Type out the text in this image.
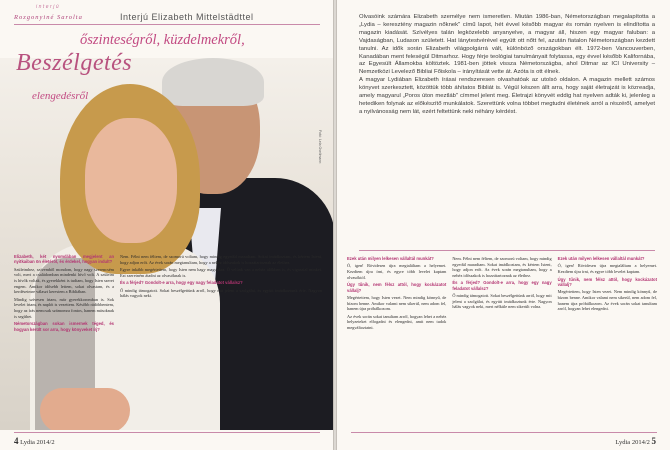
interjú
Rozgonyiné Sarolta	Interjú Elizabeth Mittelstädttel
őszinteségről, küzdelmekről,
Beszélgetés
elengedésről
Fotó: Lela Gsellmann
4 Lydia 2014/2

Olvasóink számára Elizabeth személye nem ismeretlen. Miután 1986-ban, Németországban megalapította a „Lydia – keresztény magazin nőknek" című lapot, hét évvel később magyar és román nyelven is elindította a magazin kiadását. Szívélyes talán legközelebb anyanyelve, a magyar áll, hiszen egy magyar faluban: a Vajdaságban, Ludason született. Hat lánytestvérével együtt ott nőtt fel, azután fiatalon Németországban kezdett tanulni. Az idők során Elizabeth világpolgárrá vált, különböző országokban élt. 1972-ben Vancouverben, Kanadában ment feleségül Ditmarhoz. Hogy férje teológiai tanulmányait folytassa, egy évvel később Kalifornába, az Egyesült Államokba költöztek. 1981-ben jöttek vissza Németországba, ahol Ditmar az ICI University – Nemzetközi Levelező Bibliai Főiskola – irányítását vette át. Azóta is ott élnek.

A magyar Lydiában Elizabeth írásai rendszeresen olvashatóak az utolsó oldalon. A magazin mellett számos könyvet szerkesztett, közöttük több áhítatos Bibliát is. Végül készen állt arra, hogy saját életrajzát is közreadja, amely magyarul „Poros úton meztláb" címmel jelent meg. Életrajzi könyvét eddig hat nyelven adták ki, jelenleg a hetediken folynak az előkészítő munkálatok. Szerettünk volna többet megtudni életének arról a részéről, amelyet a nyilvánosság nem lát, ezért feltettünk neki néhány kérdést.

Elizabeth, két nyomdában megjelent an nyitkaiban ön életéről, és érdekel, hogyan indult?

Szüleimhez, szívemből mondom, hogy nagy szerencsém volt, mert a családomban mindenki hívő volt. A szüleim is hívők voltak, és gyerekként is tudtam, hogy Isten szeret engem. Amikor idősebb lettem, sokat olvastam, és a kerdéseimre választ kerestem a Bibliában.

Mindig szívesen írtam, már gyerekkoromban is. Sok levelet írtam, és naplót is vezettem. Később rádöbbentem, hogy az írás nemcsak számomra fontos, hanem másoknak is segíthet.

Németországban sokan ismernek téged, és hogyan került sor arra, hogy könyveket írj?

Nem. Félni nem féltem, de szomorú voltam, hogy mindig egyedül maradtam. Sokat imádkoztam, és kértem Istent, hogy adjon erőt. Az évek során megtanultam, hogy a nehéz időszakok is hozzátartoznak az élethez.

Egyre inkább megértettem, hogy Isten nem hagy magunkra. Ő velünk van a nehéz időkben is, és vigasztal minket. Ezt szeretném átadni az olvasóknak is.

És a férjed? Gondolt-e arra, hogy egy nagy feladatot vállalsz?

Ő mindig támogatott. Sokat beszélgettünk arról, hogy mit jelent a szolgálat, és együtt imádkoztunk érte. Nagyon hálás vagyok neki.

Ezek után milyen lelkesen vállaltál munkát?

Ó, igen! Rövidesen újra megtaláltam a helyemet. Kezdtem újra írni, és egyre több levelet kaptam olvasóktól.

Úgy tűnik, nem félsz attól, hogy kockázatot vállalj?

Megértettem, hogy Isten vezet. Nem mindig könnyű, de bízom benne. Amikor valami nem sikerül, nem adom fel, hanem újra próbálkozom.

Az évek során sokat tanultam arról, hogyan lehet a nehéz helyzeteket elfogadni és elengedni, amit nem tudok megváltoztatni.

Nem. Félni nem féltem, de szomorú voltam, hogy mindig egyedül maradtam. Sokat imádkoztam, és kértem Istent, hogy adjon erőt. Az évek során megtanultam, hogy a nehéz időszakok is hozzátartoznak az élethez.

És a férjed? Gondolt-e arra, hogy egy nagy feladatot vállalsz?

Ő mindig támogatott. Sokat beszélgettünk arról, hogy mit jelent a szolgálat, és együtt imádkoztunk érte. Nagyon hálás vagyok neki, mert nélküle nem sikerült volna.

Ezek után milyen lelkesen vállaltál munkát?

Ó, igen! Rövidesen újra megtaláltam a helyemet. Kezdtem újra írni, és egyre több levelet kaptam.

Úgy tűnik, nem félsz attól, hogy kockázatot vállalj?

Megértettem, hogy Isten vezet. Nem mindig könnyű, de bízom benne. Amikor valami nem sikerül, nem adom fel, hanem újra próbálkozom. Az évek során sokat tanultam arról, hogyan lehet elengedni.

Lydia 2014/2 5
